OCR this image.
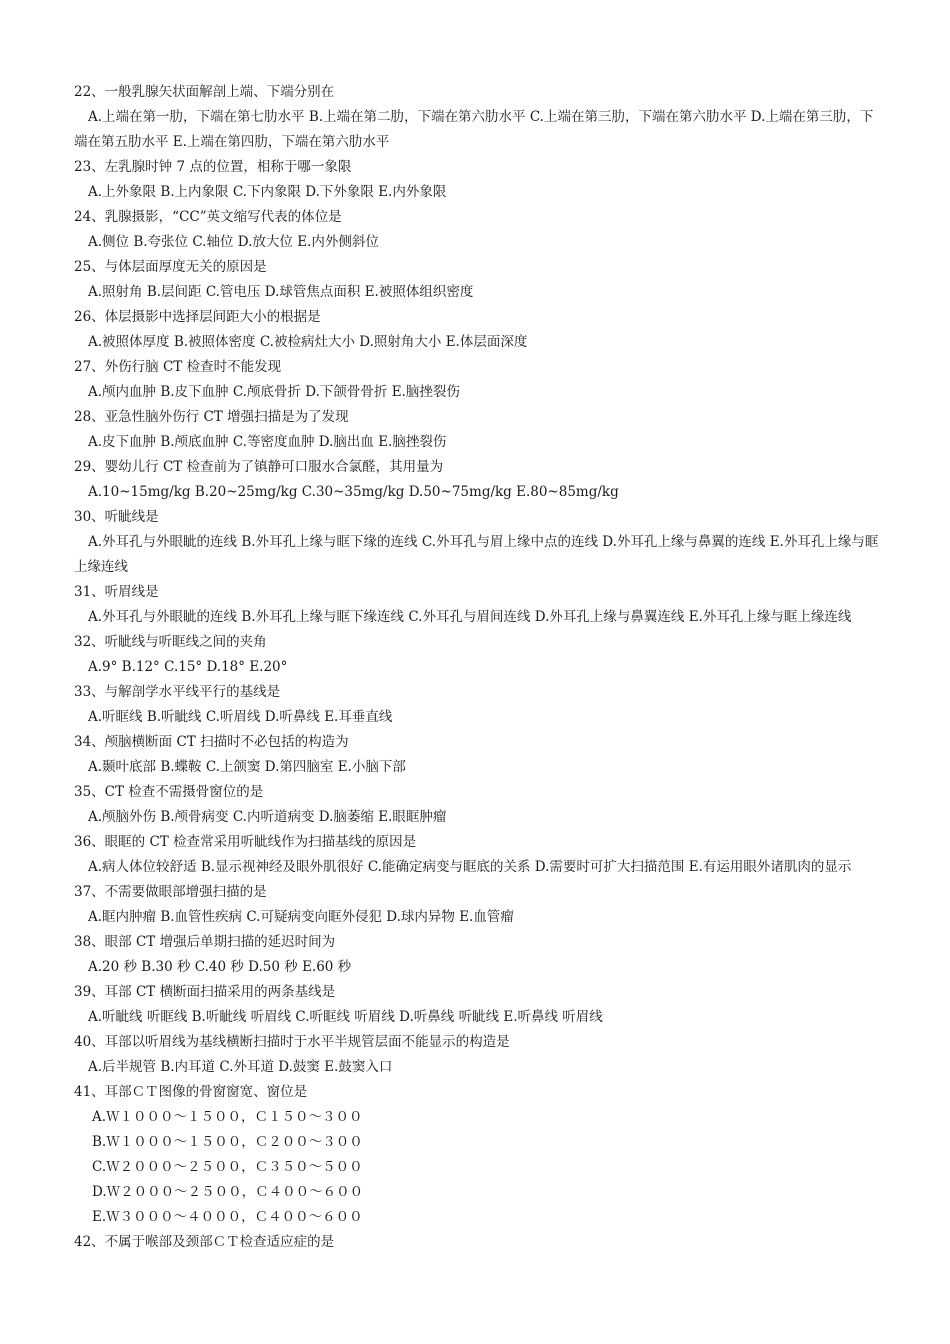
22、一般乳腺矢状面解剖上端、下端分别在

A.上端在第一肋，下端在第七肋水平 B.上端在第二肋，下端在第六肋水平 C.上端在第三肋，下端在第六肋水平 D.上端在第三肋，下端在第五肋水平 E.上端在第四肋，下端在第六肋水平

23、左乳腺时钟 7 点的位置，相称于哪一象限

A.上外象限 B.上内象限 C.下内象限 D.下外象限 E.内外象限

24、乳腺摄影，“CC”英文缩写代表的体位是

A.侧位 B.夸张位 C.轴位 D.放大位 E.内外侧斜位

25、与体层面厚度无关的原因是

A.照射角 B.层间距 C.管电压 D.球管焦点面积 E.被照体组织密度

26、体层摄影中选择层间距大小的根据是

A.被照体厚度 B.被照体密度 C.被检病灶大小 D.照射角大小 E.体层面深度

27、外伤行脑 CT 检查时不能发现

A.颅内血肿 B.皮下血肿 C.颅底骨折 D.下颌骨骨折 E.脑挫裂伤

28、亚急性脑外伤行 CT 增强扫描是为了发现

A.皮下血肿 B.颅底血肿 C.等密度血肿 D.脑出血 E.脑挫裂伤

29、婴幼儿行 CT 检查前为了镇静可口服水合氯醛，其用量为

A.10~15mg/kg B.20~25mg/kg C.30~35mg/kg D.50~75mg/kg E.80~85mg/kg

30、听眦线是

A.外耳孔与外眼眦的连线 B.外耳孔上缘与眶下缘的连线 C.外耳孔与眉上缘中点的连线 D.外耳孔上缘与鼻翼的连线 E.外耳孔上缘与眶上缘连线

31、听眉线是

A.外耳孔与外眼眦的连线 B.外耳孔上缘与眶下缘连线 C.外耳孔与眉间连线 D.外耳孔上缘与鼻翼连线 E.外耳孔上缘与眶上缘连线

32、听眦线与听眶线之间的夹角

A.9° B.12° C.15° D.18° E.20°

33、与解剖学水平线平行的基线是

A.听眶线 B.听眦线 C.听眉线 D.听鼻线 E.耳垂直线

34、颅脑横断面 CT 扫描时不必包括的构造为

A.颞叶底部 B.蝶鞍 C.上颌窦 D.第四脑室 E.小脑下部

35、CT 检查不需摄骨窗位的是

A.颅脑外伤 B.颅骨病变 C.内听道病变 D.脑萎缩 E.眼眶肿瘤

36、眼眶的 CT 检查常采用听眦线作为扫描基线的原因是

A.病人体位较舒适 B.显示视神经及眼外肌很好 C.能确定病变与眶底的关系 D.需要时可扩大扫描范围 E.有运用眼外诸肌肉的显示

37、不需要做眼部增强扫描的是

A.眶内肿瘤 B.血管性疾病 C.可疑病变向眶外侵犯 D.球内异物 E.血管瘤

38、眼部 CT 增强后单期扫描的延迟时间为

A.20 秒 B.30 秒 C.40 秒 D.50 秒 E.60 秒

39、耳部 CT 横断面扫描采用的两条基线是

A.听眦线 听眶线 B.听眦线 听眉线 C.听眶线 听眉线 D.听鼻线 听眦线 E.听鼻线 听眉线

40、耳部以听眉线为基线横断扫描时于水平半规管层面不能显示的构造是

A.后半规管 B.内耳道 C.外耳道 D.鼓窦 E.鼓窦入口

41、耳部ＣＴ图像的骨窗窗宽、窗位是

A.Ｗ１０００～１５００，Ｃ１５０～３００

B.Ｗ１０００～１５００，Ｃ２００～３００

C.Ｗ２０００～２５００，Ｃ３５０～５００

D.Ｗ２０００～２５００，Ｃ４００～６００

E.Ｗ３０００～４０００，Ｃ４００～６００

42、不属于喉部及颈部ＣＴ检查适应症的是
